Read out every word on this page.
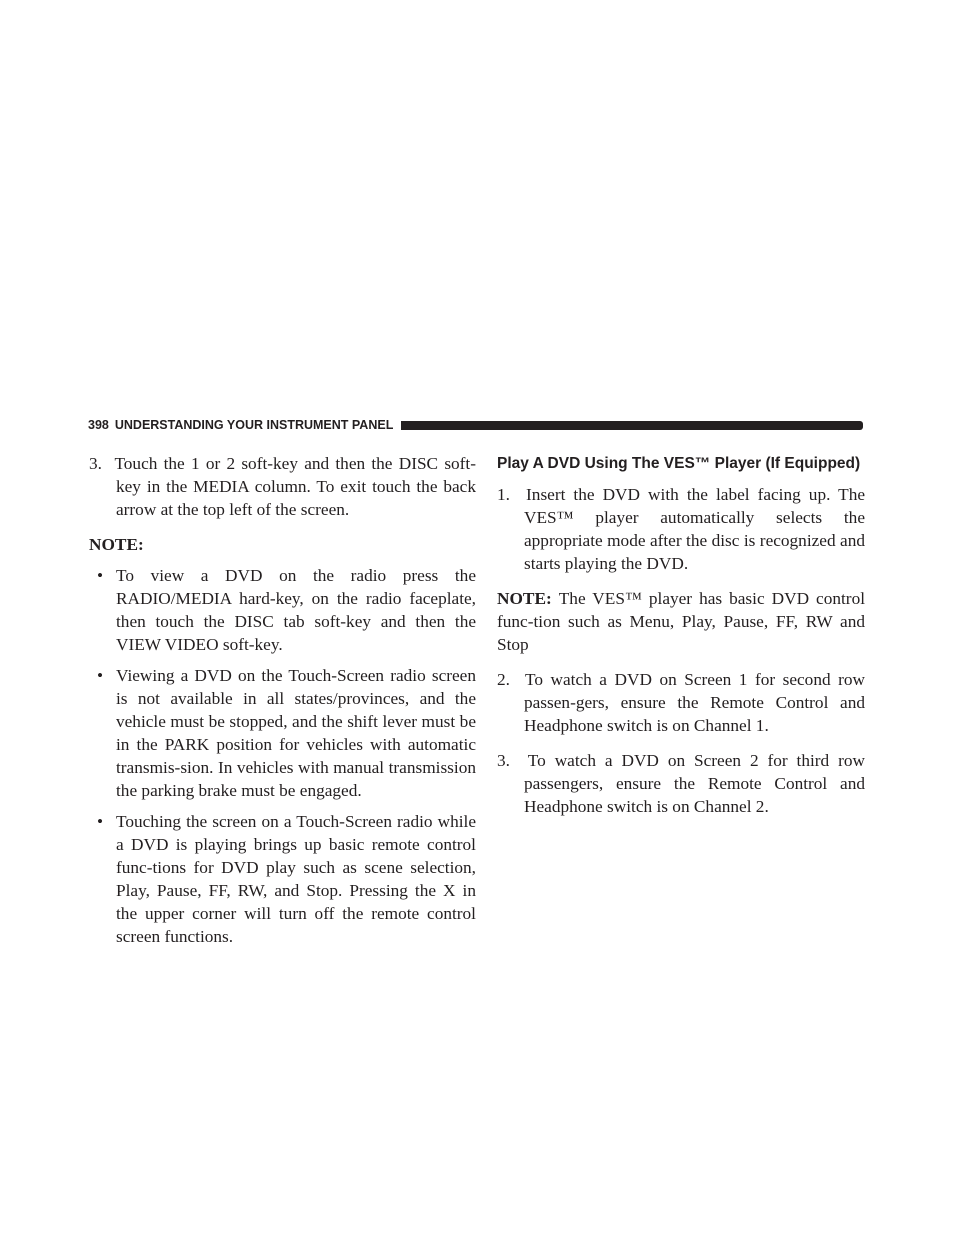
398 UNDERSTANDING YOUR INSTRUMENT PANEL

3. Touch the 1 or 2 soft-key and then the DISC soft-key in the MEDIA column. To exit touch the back arrow at the top left of the screen.

NOTE:

• To view a DVD on the radio press the RADIO/MEDIA hard-key, on the radio faceplate, then touch the DISC tab soft-key and then the VIEW VIDEO soft-key.

• Viewing a DVD on the Touch-Screen radio screen is not available in all states/provinces, and the vehicle must be stopped, and the shift lever must be in the PARK position for vehicles with automatic transmis-sion. In vehicles with manual transmission the parking brake must be engaged.

• Touching the screen on a Touch-Screen radio while a DVD is playing brings up basic remote control func-tions for DVD play such as scene selection, Play, Pause, FF, RW, and Stop. Pressing the X in the upper corner will turn off the remote control screen functions.

Play A DVD Using The VES™ Player (If Equipped)

1. Insert the DVD with the label facing up. The VES™ player automatically selects the appropriate mode after the disc is recognized and starts playing the DVD.

NOTE: The VES™ player has basic DVD control func-tion such as Menu, Play, Pause, FF, RW and Stop

2. To watch a DVD on Screen 1 for second row passen-gers, ensure the Remote Control and Headphone switch is on Channel 1.

3. To watch a DVD on Screen 2 for third row passengers, ensure the Remote Control and Headphone switch is on Channel 2.

carmanualsonline.info
